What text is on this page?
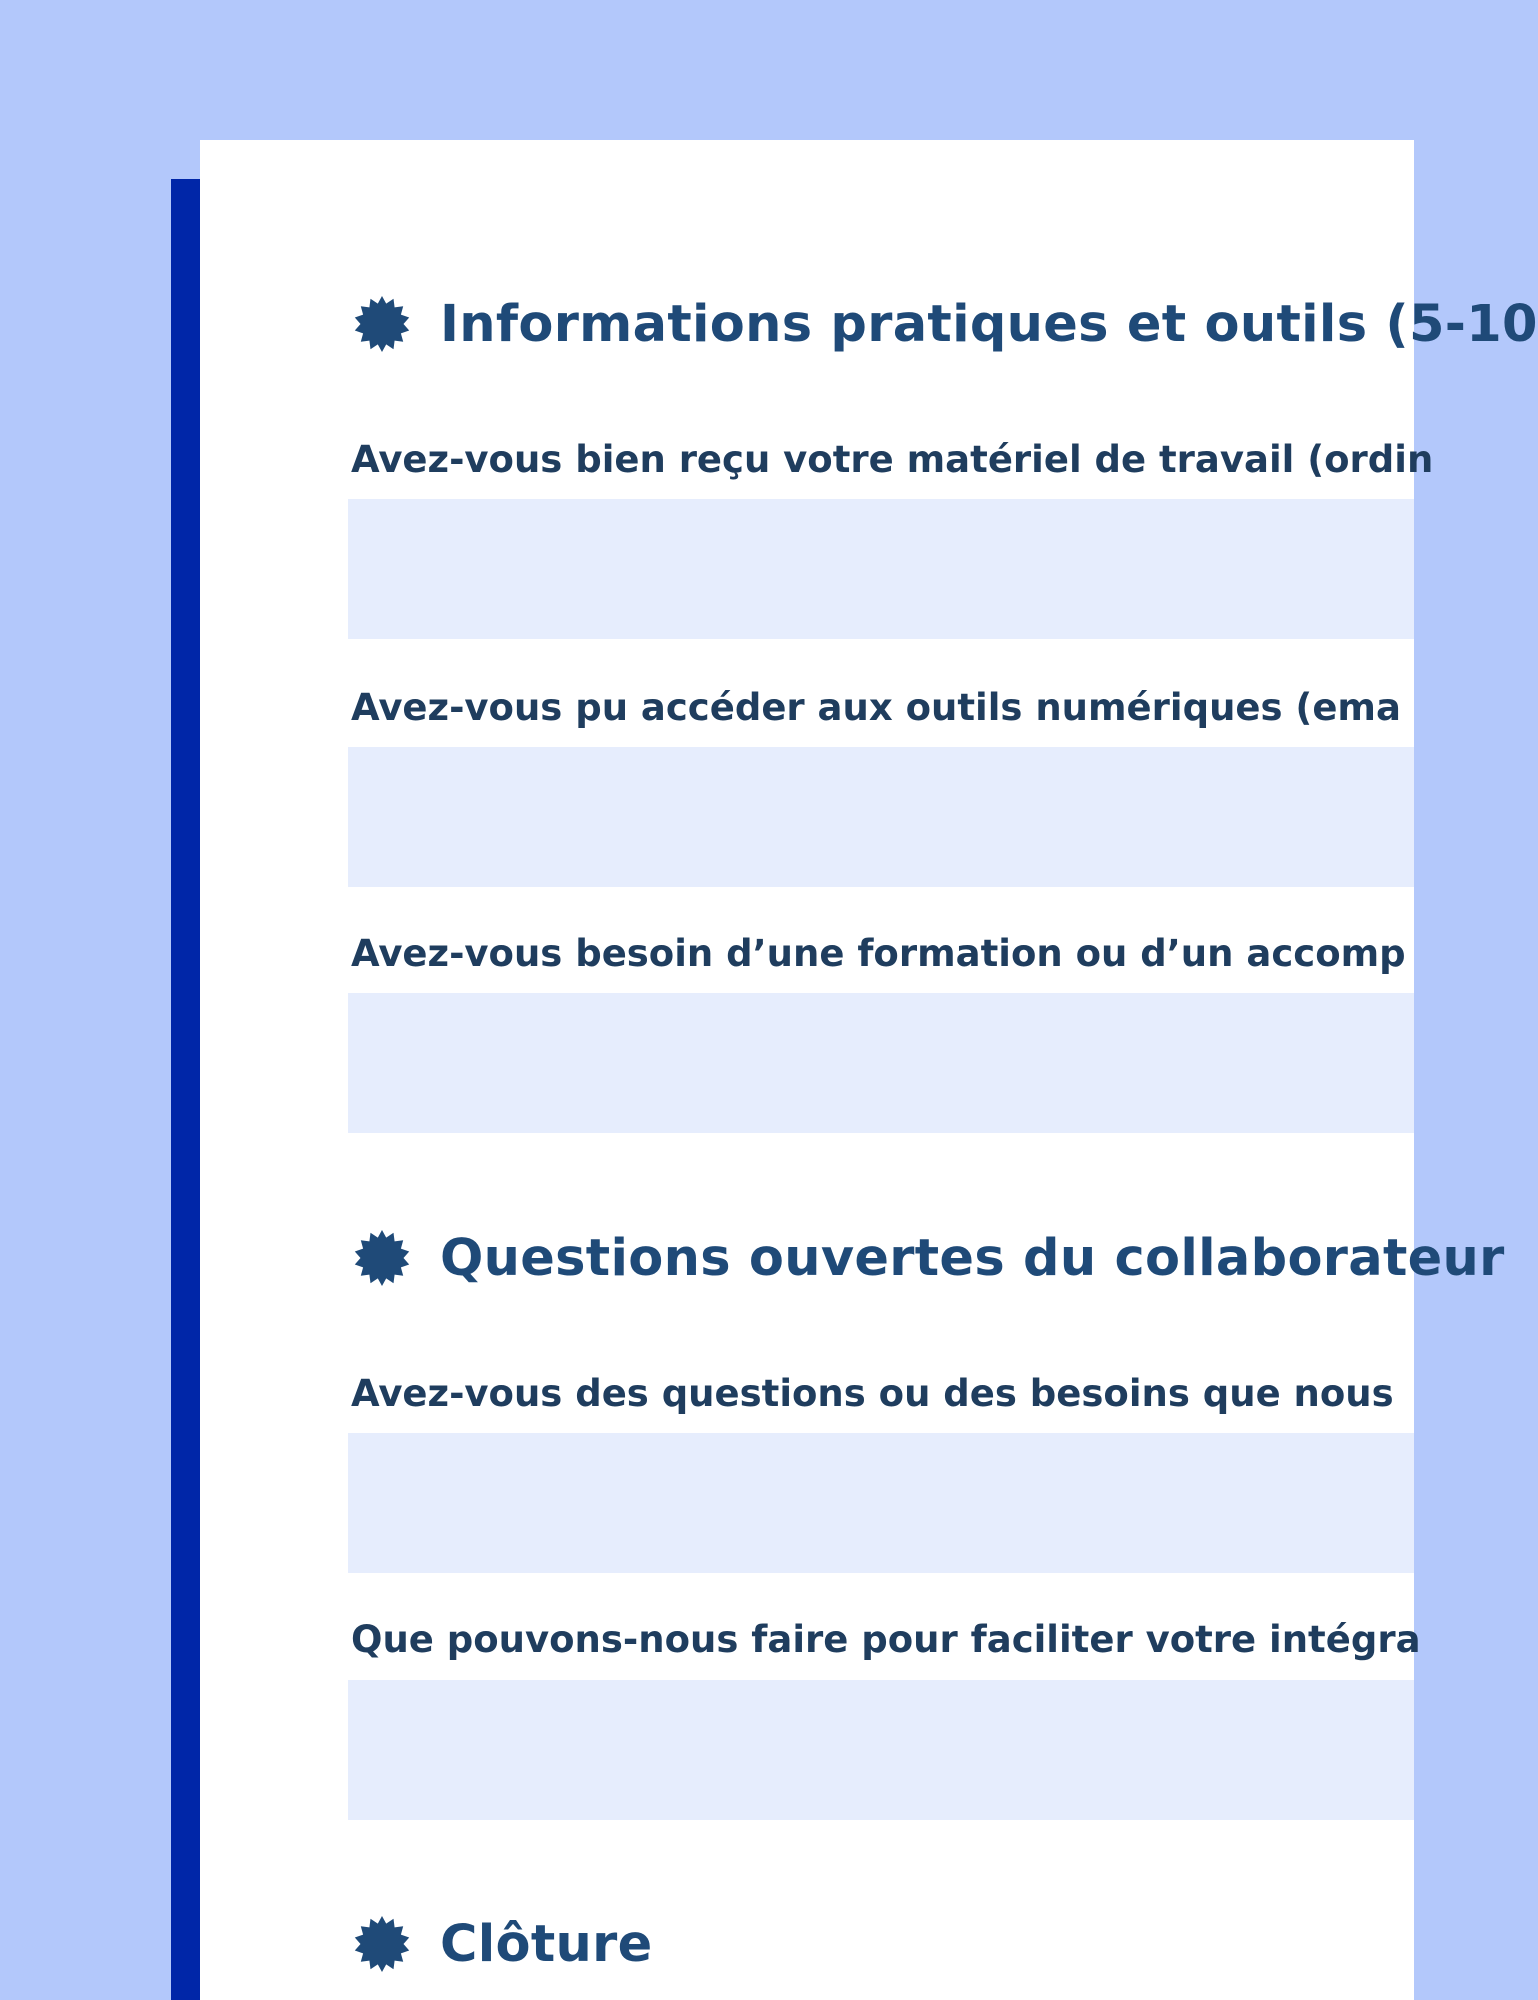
Informations pratiques et outils (5-10
Avez-vous bien reçu votre matériel de travail (ordin
Avez-vous pu accéder aux outils numériques (ema
Avez-vous besoin d’une formation ou d’un accomp
Questions ouvertes du collaborateur
Avez-vous des questions ou des besoins que nous
Que pouvons-nous faire pour faciliter votre intégra
Clôture
